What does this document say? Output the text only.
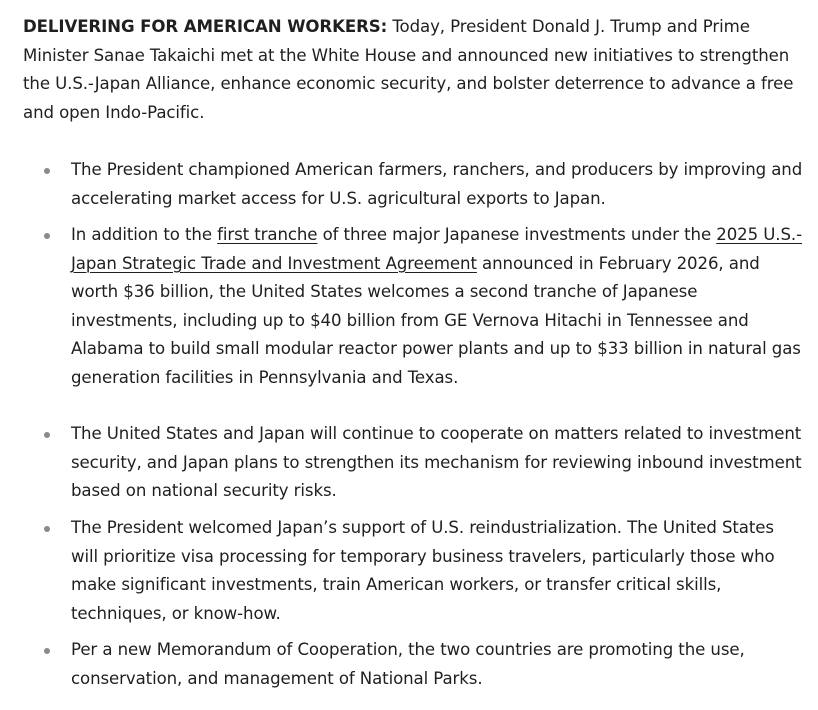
DELIVERING FOR AMERICAN WORKERS: Today, President Donald J. Trump and Prime Minister Sanae Takaichi met at the White House and announced new initiatives to strengthen the U.S.-Japan Alliance, enhance economic security, and bolster deterrence to advance a free and open Indo-Pacific.

The President championed American farmers, ranchers, and producers by improving and accelerating market access for U.S. agricultural exports to Japan.
In addition to the first tranche of three major Japanese investments under the 2025 U.S.-Japan Strategic Trade and Investment Agreement announced in February 2026, and worth $36 billion, the United States welcomes a second tranche of Japanese investments, including up to $40 billion from GE Vernova Hitachi in Tennessee and Alabama to build small modular reactor power plants and up to $33 billion in natural gas generation facilities in Pennsylvania and Texas.
The United States and Japan will continue to cooperate on matters related to investment security, and Japan plans to strengthen its mechanism for reviewing inbound investment based on national security risks.
The President welcomed Japan’s support of U.S. reindustrialization. The United States will prioritize visa processing for temporary business travelers, particularly those who make significant investments, train American workers, or transfer critical skills, techniques, or know-how.
Per a new Memorandum of Cooperation, the two countries are promoting the use, conservation, and management of National Parks.
